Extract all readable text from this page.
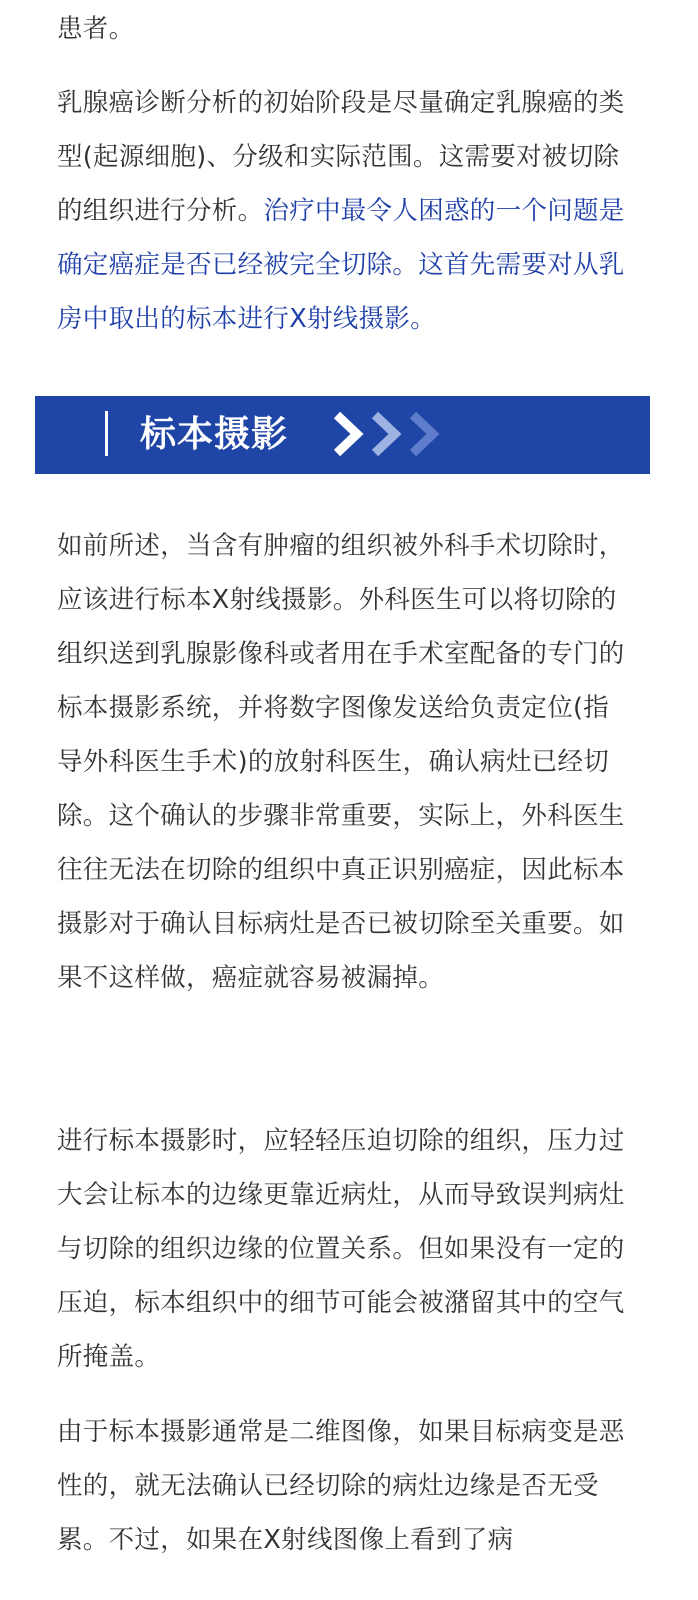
患者。

乳腺癌诊断分析的初始阶段是尽量确定乳腺癌的类型(起源细胞)、分级和实际范围。这需要对被切除的组织进行分析。治疗中最令人困惑的一个问题是确定癌症是否已经被完全切除。这首先需要对从乳房中取出的标本进行X射线摄影。

标本摄影

如前所述，当含有肿瘤的组织被外科手术切除时，应该进行标本X射线摄影。外科医生可以将切除的组织送到乳腺影像科或者用在手术室配备的专门的标本摄影系统，并将数字图像发送给负责定位(指导外科医生手术)的放射科医生，确认病灶已经切除。这个确认的步骤非常重要，实际上，外科医生往往无法在切除的组织中真正识别癌症，因此标本摄影对于确认目标病灶是否已被切除至关重要。如果不这样做，癌症就容易被漏掉。

进行标本摄影时，应轻轻压迫切除的组织，压力过大会让标本的边缘更靠近病灶，从而导致误判病灶与切除的组织边缘的位置关系。但如果没有一定的压迫，标本组织中的细节可能会被潴留其中的空气所掩盖。

由于标本摄影通常是二维图像，如果目标病变是恶性的，就无法确认已经切除的病灶边缘是否无受累。不过，如果在X射线图像上看到了病
